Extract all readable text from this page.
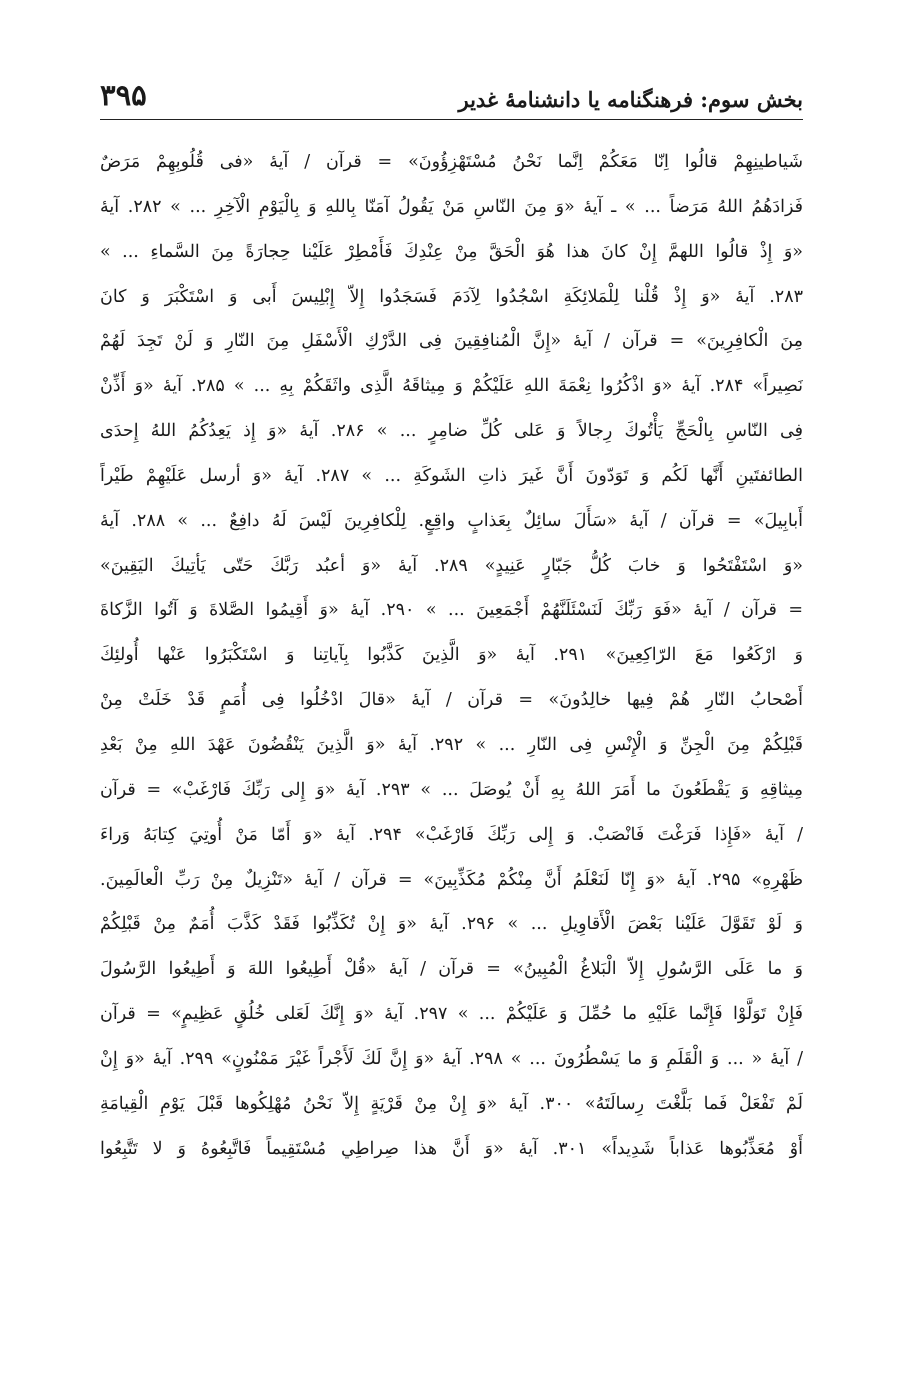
بخش سوم: فرهنگنامه یا دانشنامهٔ غدیر
۳۹۵
شَياطينِهِمْ قالُوا اِنّا مَعَكُمْ اِنَّما نَحْنُ مُسْتَهْزِؤُونَ» = قرآن / آيهٔ «فى قُلُوبِهِمْ مَرَضٌ
فَزادَهُمُ اللهُ مَرَضاً ... » ـ آيهٔ «وَ مِنَ النّاسِ مَنْ يَقُولُ آمَنّا بِاللهِ وَ بِالْيَوْمِ الْآخِرِ ... » ۲۸۲. آيهٔ
«وَ إِذْ قالُوا اللهمَّ إِنْ كانَ هذا هُوَ الْحَقَّ مِنْ عِنْدِكَ فَأَمْطِرْ عَلَيْنا حِجارَةً مِنَ السَّماءِ ... »
۲۸۳. آيهٔ «وَ إِذْ قُلْنا لِلْمَلائِكَةِ اسْجُدُوا لِآدَمَ فَسَجَدُوا إِلاّ إِبْلِيسَ أَبى وَ اسْتَكْبَرَ وَ كانَ
مِنَ الْكافِرِينَ» = قرآن / آيهٔ «إِنَّ الْمُنافِقِينَ فِى الدَّرْكِ الْأَسْفَلِ مِنَ النّارِ وَ لَنْ تَجِدَ لَهُمْ
نَصِيراً» ۲۸۴. آيهٔ «وَ اذْكُرُوا نِعْمَةَ اللهِ عَلَيْكُمْ وَ مِيثاقَهُ الَّذِى واثَقَكُمْ بِهِ ... » ۲۸۵. آيهٔ «وَ أَذِّنْ
فِى النّاسِ بِالْحَجِّ يَأْتُوكَ رِجالاً وَ عَلى كُلِّ ضامِرٍ ... » ۲۸۶. آيهٔ «وَ إِذ يَعِدُكُمُ اللهُ إِحدَى
الطائفتَينِ أَنَّها لَكُم وَ تَوَدّونَ أَنَّ غَيرَ ذاتِ الشَوكَةِ ... » ۲۸۷. آيهٔ «وَ أرسل عَلَيْهِمْ طَيْراً
أَبابِيلَ» = قرآن / آيهٔ «سَأَلَ سائِلٌ بِعَذابٍ واقِعٍ. لِلْكافِرِينَ لَيْسَ لَهُ دافِعٌ ... » ۲۸۸. آيهٔ
«وَ اسْتَفْتَحُوا وَ خابَ كُلُّ جَبّارٍ عَنِيدٍ» ۲۸۹. آيهٔ «وَ أعبُد رَبَّكَ حَتّى يَأتِيكَ اليَقِينَ»
= قرآن / آيهٔ «فَوَ رَبِّكَ لَنَسْئَلَنَّهُمْ أَجْمَعِينَ ... » ۲۹۰. آيهٔ «وَ أَقِيمُوا الصَّلاةَ وَ آتُوا الزَّكاةَ
وَ ارْكَعُوا مَعَ الرّاكِعِينَ» ۲۹۱. آيهٔ «وَ الَّذِينَ كَذَّبُوا بِآياتِنا وَ اسْتَكْبَرُوا عَنْها أُولئِكَ
أَصْحابُ النّارِ هُمْ فِيها خالِدُونَ» = قرآن / آيهٔ «قالَ ادْخُلُوا فِى أُمَمٍ قَدْ خَلَتْ مِنْ
قَبْلِكُمْ مِنَ الْجِنِّ وَ الْإِنْسِ فِى النّارِ ... » ۲۹۲. آيهٔ «وَ الَّذِينَ يَنْقُضُونَ عَهْدَ اللهِ مِنْ بَعْدِ
مِيثاقِهِ وَ يَقْطَعُونَ ما أَمَرَ اللهُ بِهِ أَنْ يُوصَلَ ... » ۲۹۳. آيهٔ «وَ إِلى رَبِّكَ فَارْغَبْ» = قرآن
/ آيهٔ «فَإِذا فَرَغْتَ فَانْصَبْ. وَ إِلى رَبِّكَ فَارْغَبْ» ۲۹۴. آيهٔ «وَ أَمّا مَنْ أُوتِيَ كِتابَهُ وَراءَ
ظَهْرِهِ» ۲۹۵. آيهٔ «وَ إِنّا لَنَعْلَمُ أَنَّ مِنْكُمْ مُكَذِّبِينَ» = قرآن / آيهٔ «تَنْزِيلٌ مِنْ رَبِّ الْعالَمِينَ.
وَ لَوْ تَقَوَّلَ عَلَيْنا بَعْضَ الْأَقاوِيلِ ... » ۲۹۶. آيهٔ «وَ إِنْ تُكَذِّبُوا فَقَدْ كَذَّبَ أُمَمٌ مِنْ قَبْلِكُمْ
وَ ما عَلَى الرَّسُولِ إِلاّ الْبَلاغُ الْمُبِينُ» = قرآن / آيهٔ «قُلْ أَطِيعُوا اللهَ وَ أَطِيعُوا الرَّسُولَ
فَإِنْ تَوَلَّوْا فَإِنَّما عَلَيْهِ ما حُمِّلَ وَ عَلَيْكُمْ ... » ۲۹۷. آيهٔ «وَ إِنَّكَ لَعَلى خُلُقٍ عَظِيمٍ» = قرآن
/ آيهٔ « ... وَ الْقَلَمِ وَ ما يَسْطُرُونَ ... » ۲۹۸. آيهٔ «وَ إِنَّ لَكَ لَأَجْراً غَيْرَ مَمْنُونٍ» ۲۹۹. آيهٔ «وَ إِنْ
لَمْ تَفْعَلْ فَما بَلَّغْتَ رِسالَتَهُ» ۳۰۰. آيهٔ «وَ إِنْ مِنْ قَرْيَةٍ إِلاّ نَحْنُ مُهْلِكُوها قَبْلَ يَوْمِ الْقِيامَةِ
أَوْ مُعَذِّبُوها عَذاباً شَدِيداً» ۳۰۱. آيهٔ «وَ أَنَّ هذا صِراطِي مُسْتَقِيماً فَاتَّبِعُوهُ وَ لا تَتَّبِعُوا
